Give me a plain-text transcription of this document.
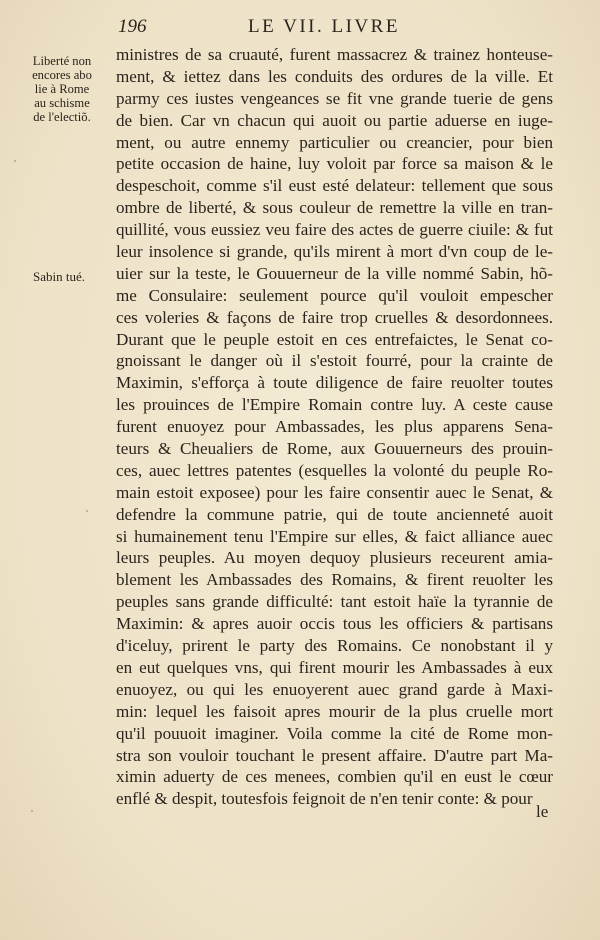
196	LE VII. LIVRE
Liberté non
encores abo
lie à Rome
au schisme
de l'electiõ.
Sabin tué.
ministres de sa cruauté, furent massacrez & trainez honteuse-
ment, & iettez dans les conduits des ordures de la ville. Et
parmy ces iustes vengeances se fit vne grande tuerie de gens
de bien. Car vn chacun qui auoit ou partie aduerse en iuge-
ment, ou autre ennemy particulier ou creancier, pour bien
petite occasion de haine, luy voloit par force sa maison & le
despeschoit, comme s'il eust esté delateur: tellement que sous
ombre de liberté, & sous couleur de remettre la ville en tran-
quillité, vous eussiez veu faire des actes de guerre ciuile: & fut
leur insolence si grande, qu'ils mirent à mort d'vn coup de le-
uier sur la teste, le Gouuerneur de la ville nommé Sabin, hõ-
me Consulaire: seulement pource qu'il vouloit empescher
ces voleries & façons de faire trop cruelles & desordonnees.
Durant que le peuple estoit en ces entrefaictes, le Senat co-
gnoissant le danger où il s'estoit fourré, pour la crainte de
Maximin, s'efforça à toute diligence de faire reuolter toutes
les prouinces de l'Empire Romain contre luy. A ceste cause
furent enuoyez pour Ambassades, les plus apparens Sena-
teurs & Cheualiers de Rome, aux Gouuerneurs des prouin-
ces, auec lettres patentes (esquelles la volonté du peuple Ro-
main estoit exposee) pour les faire consentir auec le Senat, &
defendre la commune patrie, qui de toute ancienneté auoit
si humainement tenu l'Empire sur elles, & faict alliance auec
leurs peuples. Au moyen dequoy plusieurs receurent amia-
blement les Ambassades des Romains, & firent reuolter les
peuples sans grande difficulté: tant estoit haïe la tyrannie de
Maximin: & apres auoir occis tous les officiers & partisans
d'iceluy, prirent le party des Romains. Ce nonobstant il y
en eut quelques vns, qui firent mourir les Ambassades à eux
enuoyez, ou qui les enuoyerent auec grand garde à Maxi-
min: lequel les faisoit apres mourir de la plus cruelle mort
qu'il pouuoit imaginer. Voila comme la cité de Rome mon-
stra son vouloir touchant le present affaire. D'autre part Ma-
ximin aduerty de ces menees, combien qu'il en eust le cœur
enflé & despit, toutesfois feignoit de n'en tenir conte: & pour
le
